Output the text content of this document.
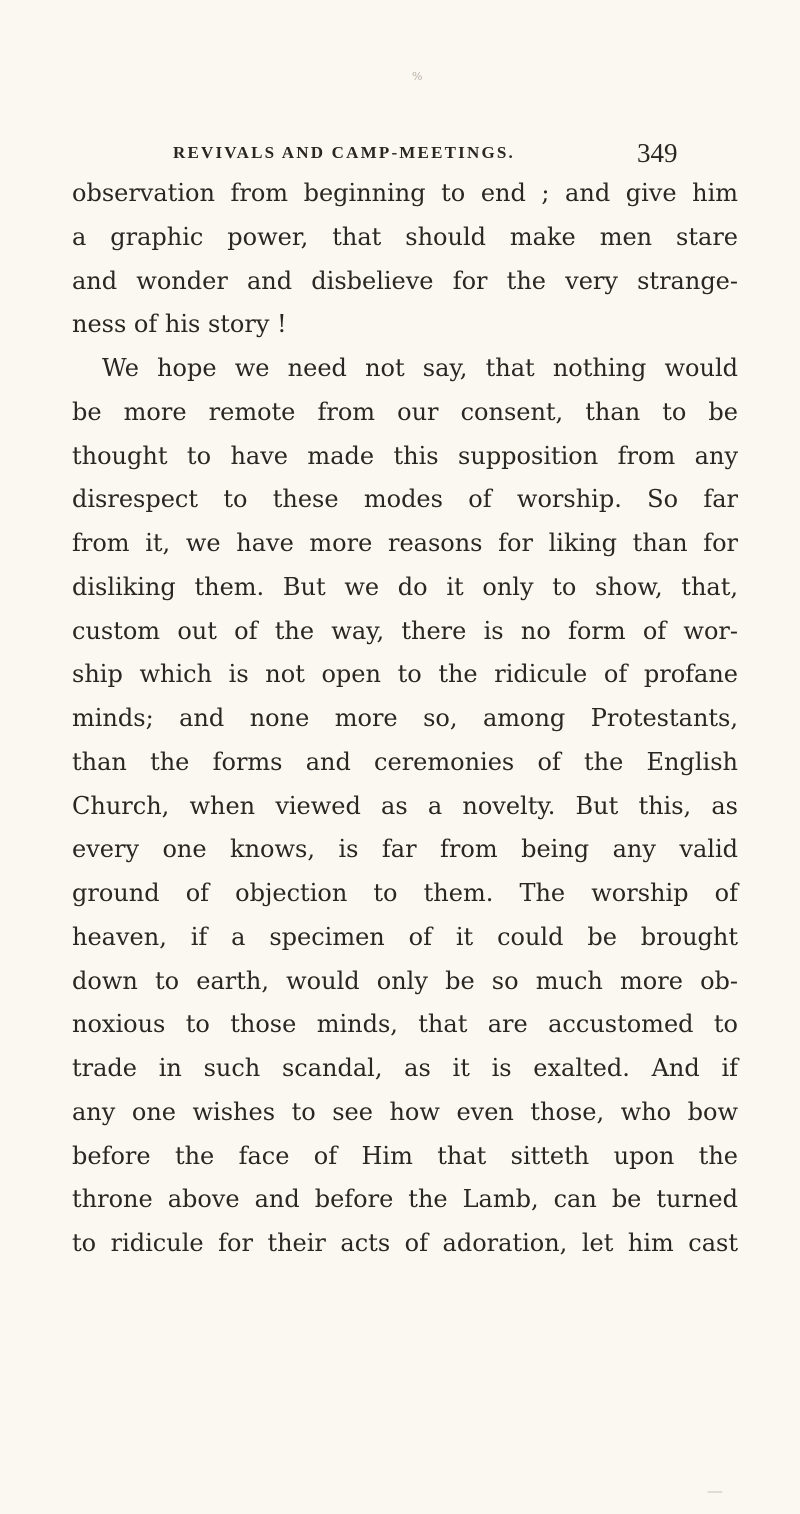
%
REVIVALS AND CAMP-MEETINGS.	349
observation from beginning to end ; and give him
a graphic power, that should make men stare
and wonder and disbelieve for the very strange-
ness of his story !
We hope we need not say, that nothing would
be more remote from our consent, than to be
thought to have made this supposition from any
disrespect to these modes of worship. So far
from it, we have more reasons for liking than for
disliking them. But we do it only to show, that,
custom out of the way, there is no form of wor-
ship which is not open to the ridicule of profane
minds; and none more so, among Protestants,
than the forms and ceremonies of the English
Church, when viewed as a novelty. But this, as
every one knows, is far from being any valid
ground of objection to them. The worship of
heaven, if a specimen of it could be brought
down to earth, would only be so much more ob-
noxious to those minds, that are accustomed to
trade in such scandal, as it is exalted. And if
any one wishes to see how even those, who bow
before the face of Him that sitteth upon the
throne above and before the Lamb, can be turned
to ridicule for their acts of adoration, let him cast
—
